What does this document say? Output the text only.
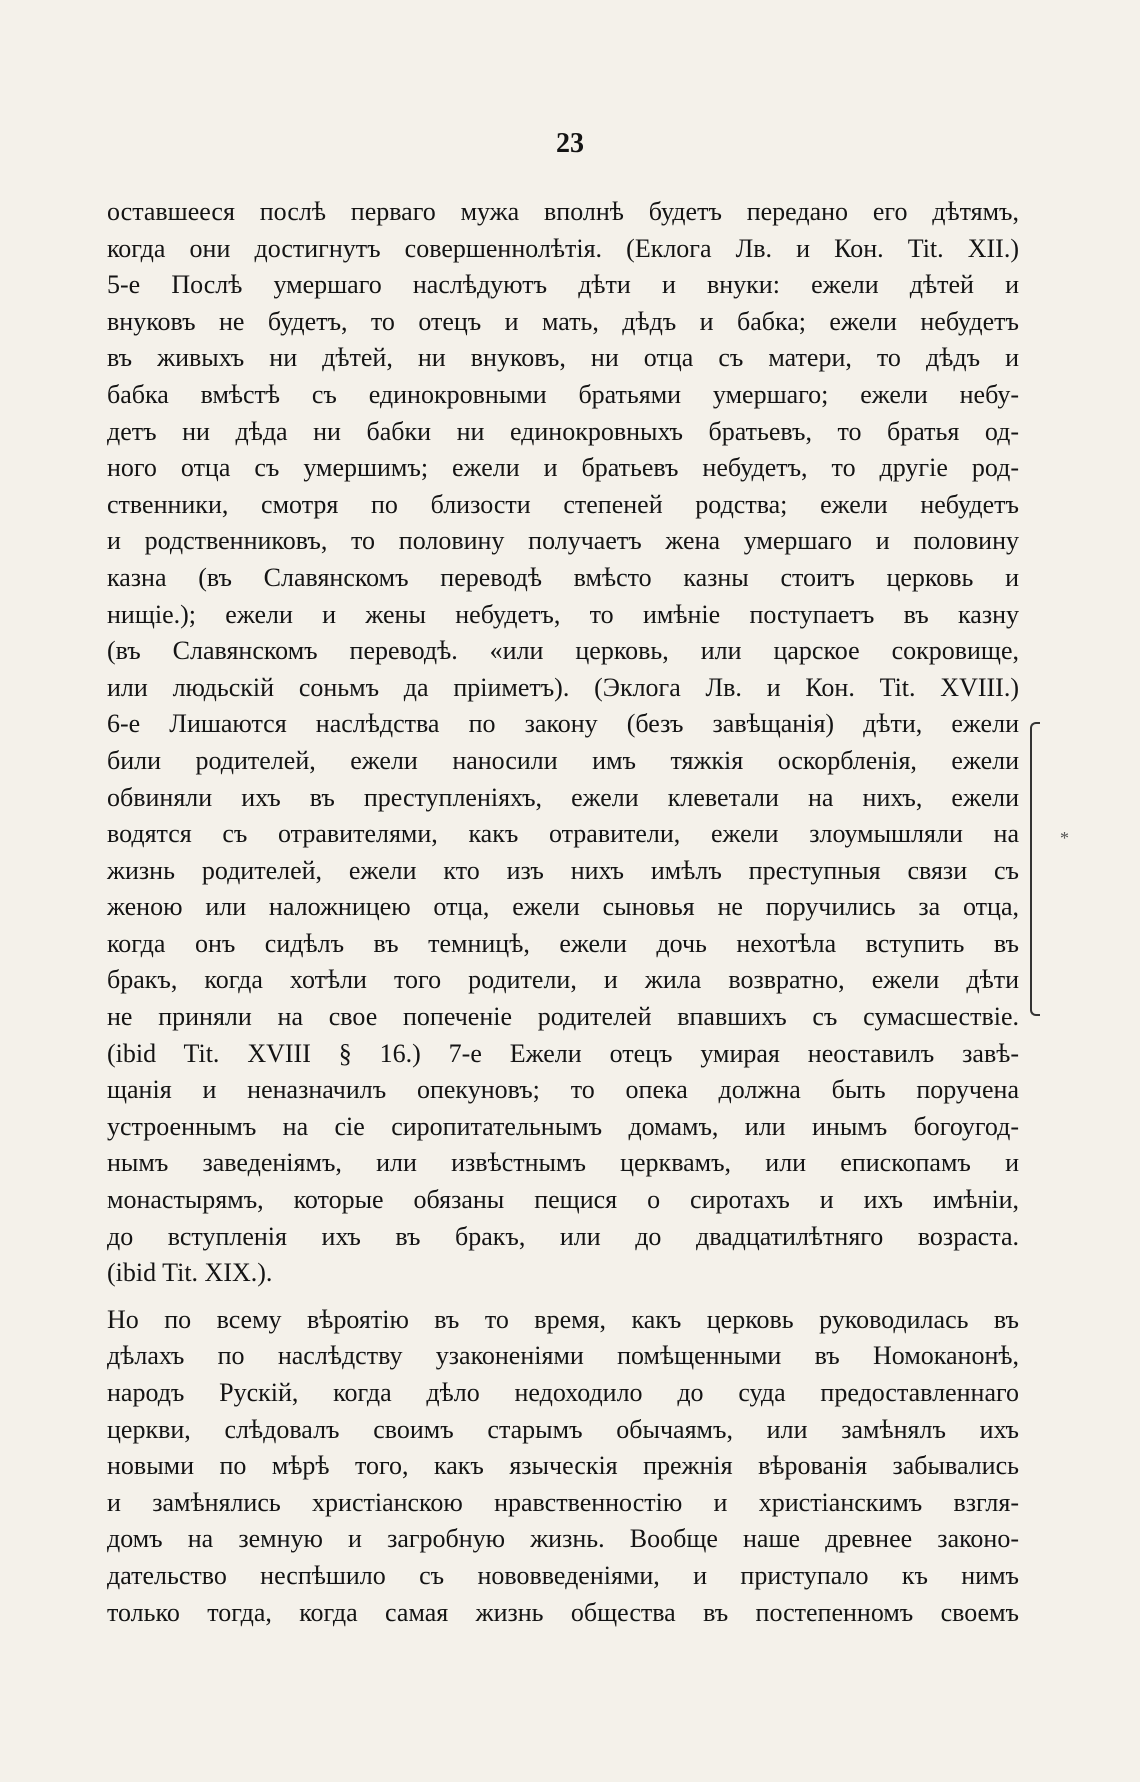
23
оставшееся послѣ перваго мужа вполнѣ будетъ передано его дѣтямъ,
когда они достигнутъ совершеннолѣтія. (Еклога Лв. и Кон. Tit. XII.)
5-е Послѣ умершаго наслѣдуютъ дѣти и внуки: ежели дѣтей и
внуковъ не будетъ, то отецъ и мать, дѣдъ и бабка; ежели небудетъ
въ живыхъ ни дѣтей, ни внуковъ, ни отца съ матери, то дѣдъ и
бабка вмѣстѣ съ единокровными братьями умершаго; ежели небу-
детъ ни дѣда ни бабки ни единокровныхъ братьевъ, то братья од-
ного отца съ умершимъ; ежели и братьевъ небудетъ, то другіе род-
ственники, смотря по близости степеней родства; ежели небудетъ
и родственниковъ, то половину получаетъ жена умершаго и половину
казна (въ Славянскомъ переводѣ вмѣсто казны стоитъ церковь и
нищіе.); ежели и жены небудетъ, то имѣніе поступаетъ въ казну
(въ Славянскомъ переводѣ. «или церковь, или царское сокровище,
или людьскій соньмъ да пріиметъ). (Эклога Лв. и Кон. Tit. XVIII.)
6-е Лишаются наслѣдства по закону (безъ завѣщанія) дѣти, ежели
били родителей, ежели наносили имъ тяжкія оскорбленія, ежели
обвиняли ихъ въ преступленіяхъ, ежели клеветали на нихъ, ежели
водятся съ отравителями, какъ отравители, ежели злоумышляли на
жизнь родителей, ежели кто изъ нихъ имѣлъ преступныя связи съ
женою или наложницею отца, ежели сыновья не поручились за отца,
когда онъ сидѣлъ въ темницѣ, ежели дочь нехотѣла вступить въ
бракъ, когда хотѣли того родители, и жила возвратно, ежели дѣти
не приняли на свое попеченіе родителей впавшихъ съ сумасшествіе.
(ibid Tit. XVIII § 16.) 7-е Ежели отецъ умирая неоставилъ завѣ-
щанія и неназначилъ опекуновъ; то опека должна быть поручена
устроеннымъ на сіе сиропитательнымъ домамъ, или инымъ богоугод-
нымъ заведеніямъ, или извѣстнымъ церквамъ, или епископамъ и
монастырямъ, которые обязаны пещися о сиротахъ и ихъ имѣніи,
до вступленія ихъ въ бракъ, или до двадцатилѣтняго возраста.
(ibid Tit. XIX.).
Но по всему вѣроятію въ то время, какъ церковь руководилась въ
дѣлахъ по наслѣдству узаконеніями помѣщенными въ Номоканонѣ,
народъ Рускій, когда дѣло недоходило до суда предоставленнаго
церкви, слѣдовалъ своимъ старымъ обычаямъ, или замѣнялъ ихъ
новыми по мѣрѣ того, какъ языческія прежнія вѣрованія забывались
и замѣнялись христіанскою нравственностію и христіанскимъ взгля-
домъ на земную и загробную жизнь. Вообще наше древнее законо-
дательство неспѣшило съ нововведеніями, и приступало къ нимъ
только тогда, когда самая жизнь общества въ постепенномъ своемъ
*
